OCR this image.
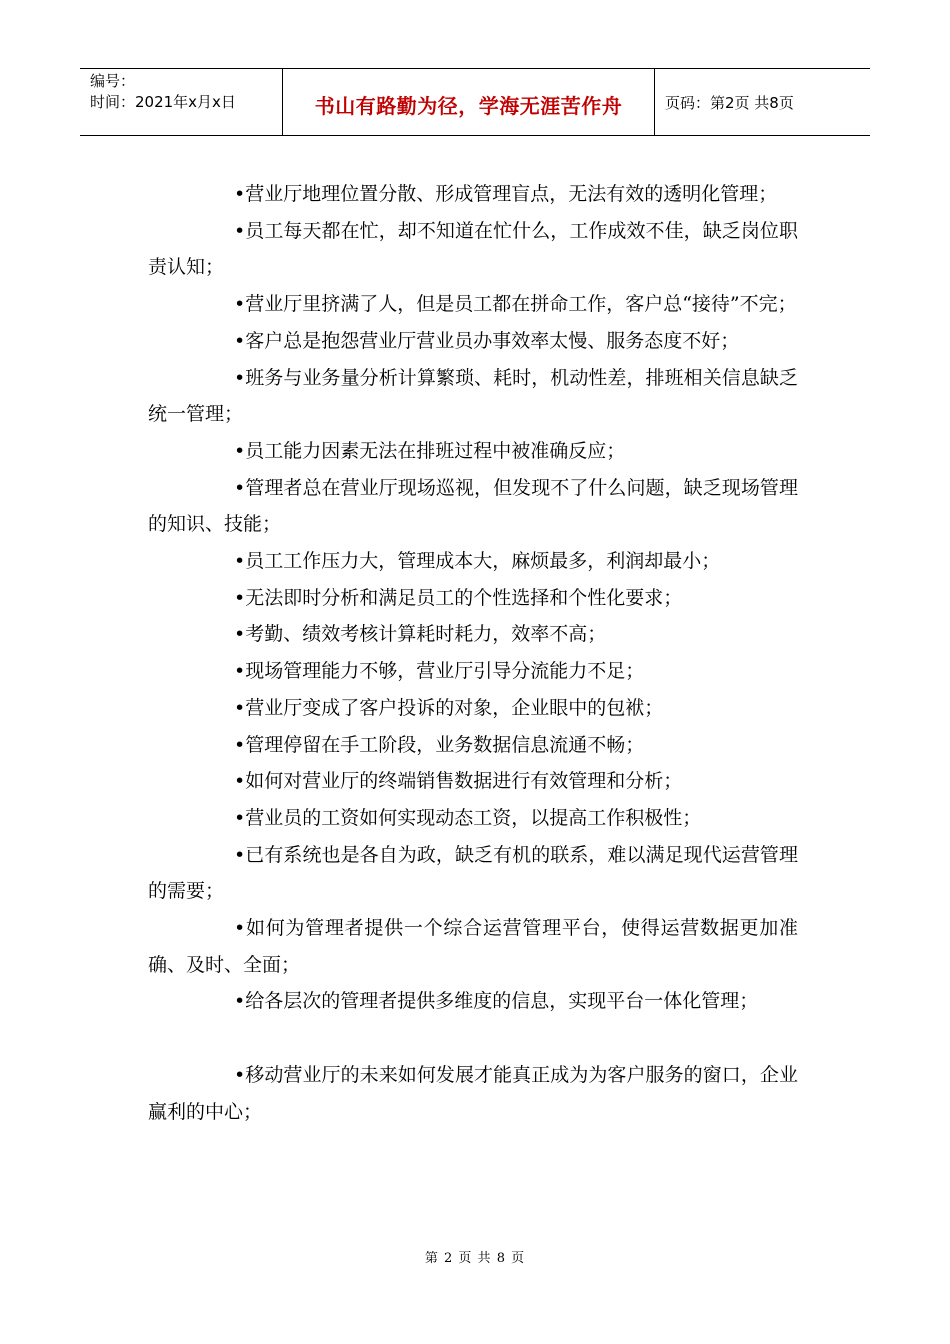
编号：
时间：2021年x月x日	书山有路勤为径，学海无涯苦作舟	页码：第2页 共8页

•营业厅地理位置分散、形成管理盲点，无法有效的透明化管理；

•员工每天都在忙，却不知道在忙什么，工作成效不佳，缺乏岗位职责认知；

•营业厅里挤满了人，但是员工都在拼命工作，客户总“接待”不完；

•客户总是抱怨营业厅营业员办事效率太慢、服务态度不好；

•班务与业务量分析计算繁琐、耗时，机动性差，排班相关信息缺乏统一管理；

•员工能力因素无法在排班过程中被准确反应；

•管理者总在营业厅现场巡视，但发现不了什么问题，缺乏现场管理的知识、技能；

•员工工作压力大，管理成本大，麻烦最多，利润却最小；

•无法即时分析和满足员工的个性选择和个性化要求；

•考勤、绩效考核计算耗时耗力，效率不高；

•现场管理能力不够，营业厅引导分流能力不足；

•营业厅变成了客户投诉的对象，企业眼中的包袱；

•管理停留在手工阶段，业务数据信息流通不畅；

•如何对营业厅的终端销售数据进行有效管理和分析；

•营业员的工资如何实现动态工资，以提高工作积极性；

•已有系统也是各自为政，缺乏有机的联系，难以满足现代运营管理的需要；

•如何为管理者提供一个综合运营管理平台，使得运营数据更加准确、及时、全面；

•给各层次的管理者提供多维度的信息，实现平台一体化管理；

•移动营业厅的未来如何发展才能真正成为为客户服务的窗口，企业赢利的中心；

第 2 页 共 8 页
